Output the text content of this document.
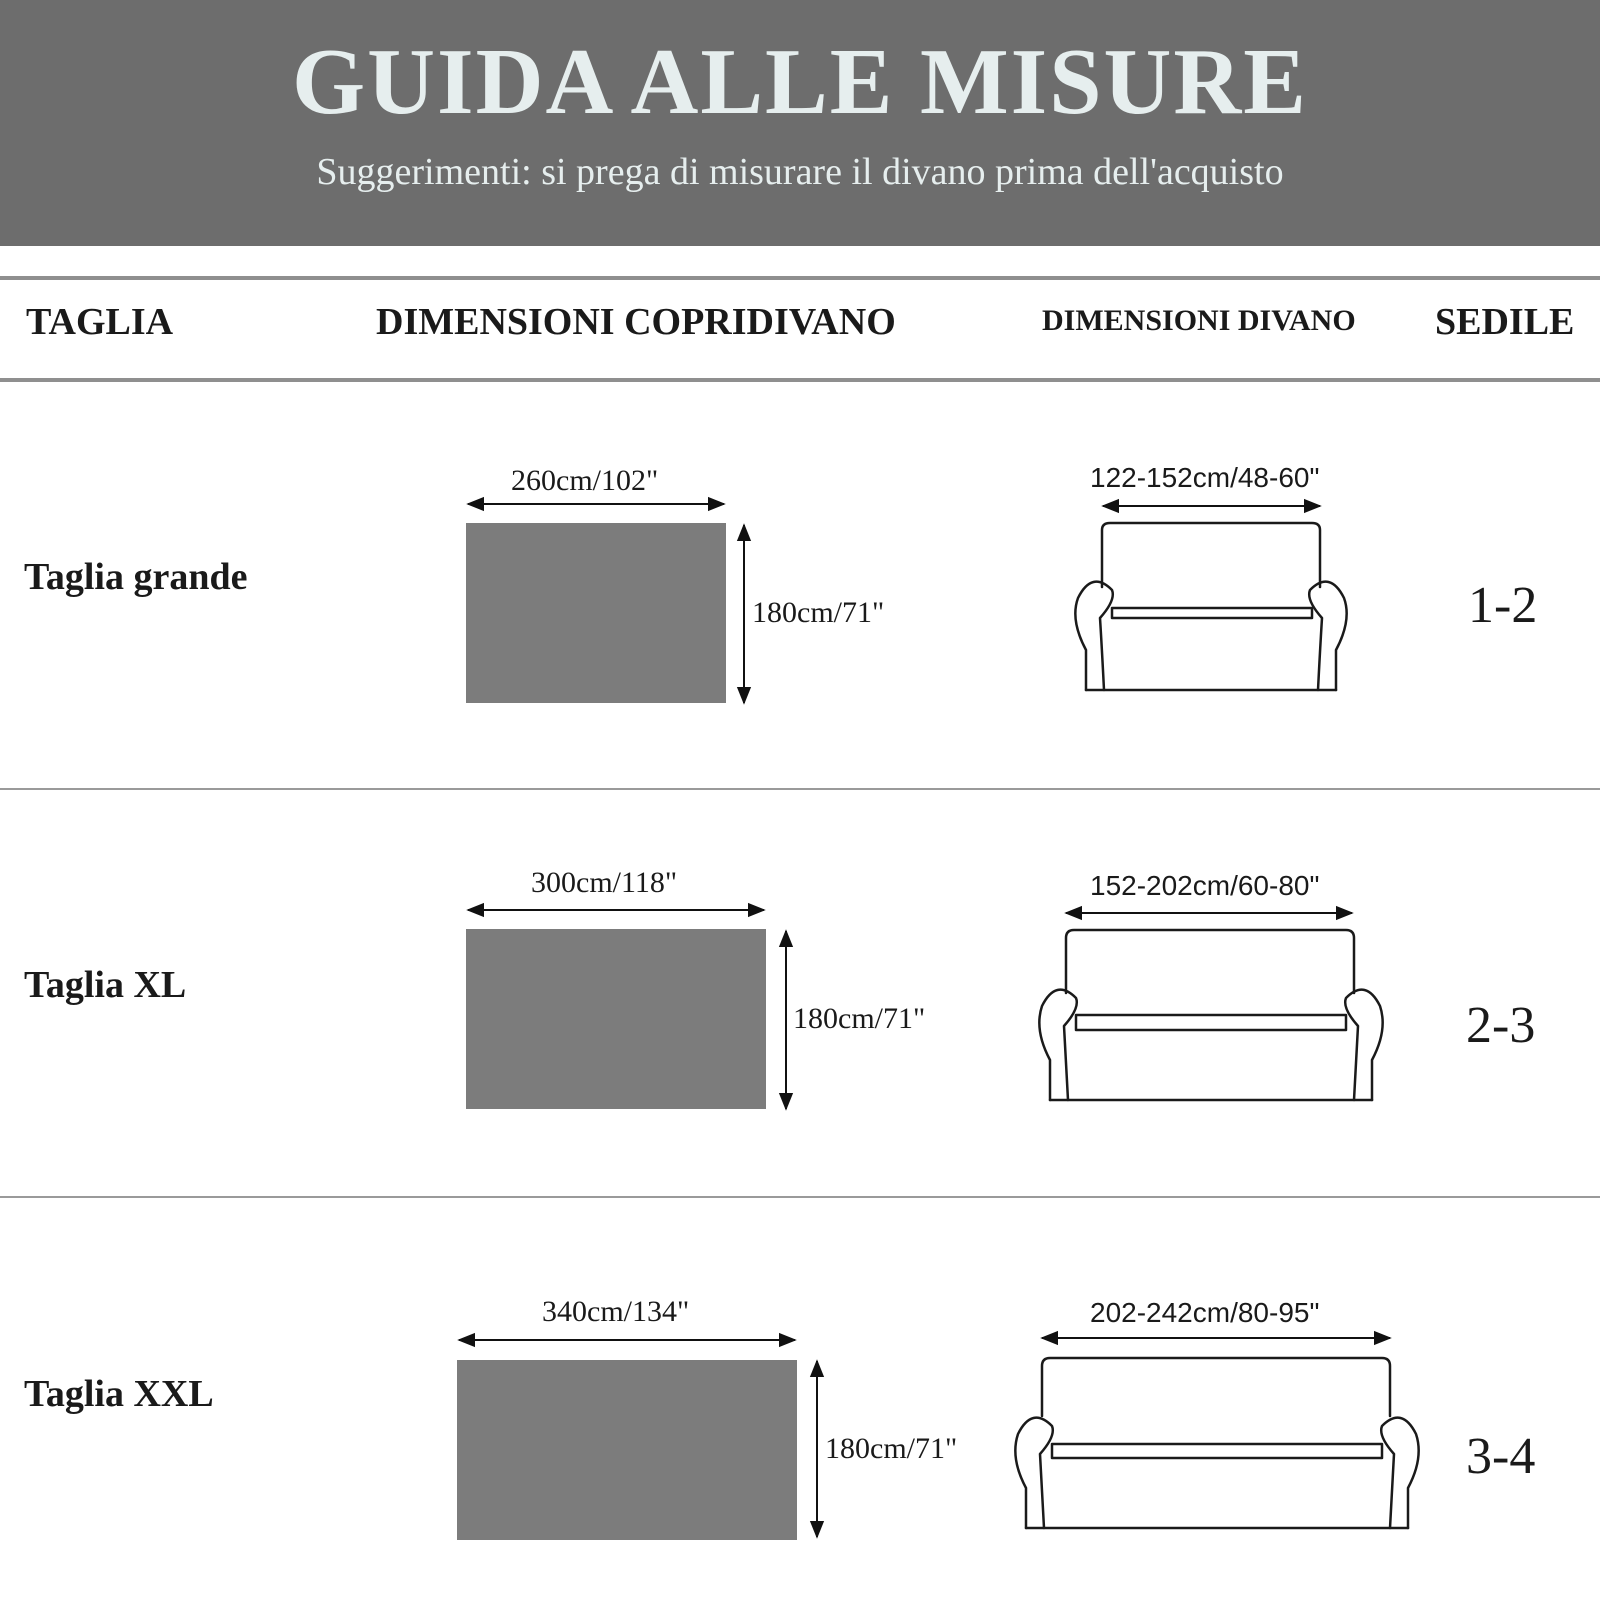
GUIDA ALLE MISURE
Suggerimenti: si prega di misurare il divano prima dell'acquisto
TAGLIA	DIMENSIONI COPRIDIVANO	DIMENSIONI DIVANO SEDILE
Taglia grande
260cm/102"
180cm/71"
122-152cm/48-60"
1-2
Taglia XL
300cm/118"
180cm/71"
152-202cm/60-80"
2-3
Taglia XXL
340cm/134"
180cm/71"
202-242cm/80-95"
3-4
